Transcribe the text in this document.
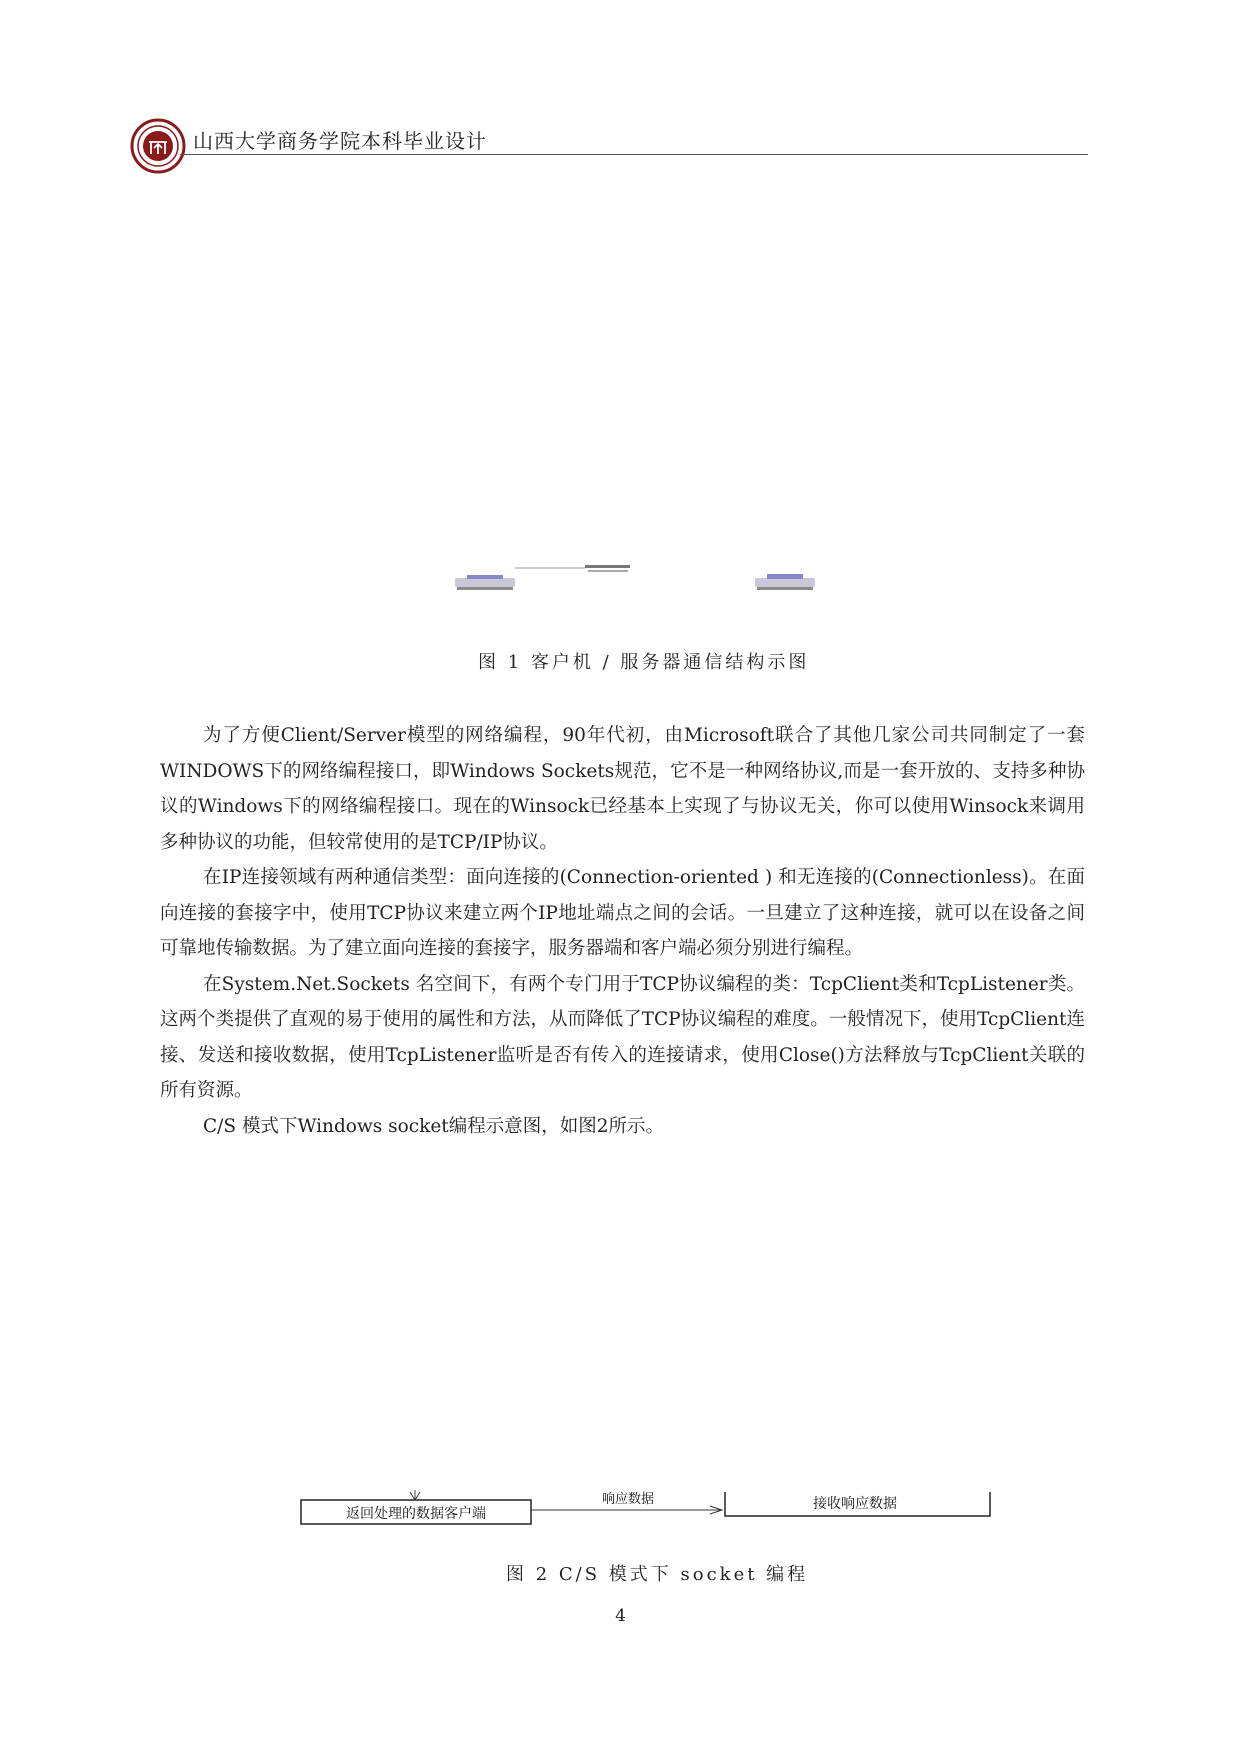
山西大学商务学院本科毕业设计
图 1 客户机 / 服务器通信结构示图

为了方便Client/Server模型的网络编程，90年代初，由Microsoft联合了其他几家公司共同制定了一套WINDOWS下的网络编程接口，即Windows Sockets规范，它不是一种网络协议,而是一套开放的、支持多种协议的Windows下的网络编程接口。现在的Winsock已经基本上实现了与协议无关，你可以使用Winsock来调用多种协议的功能，但较常使用的是TCP/IP协议。

在IP连接领域有两种通信类型：面向连接的(Connection-oriented ) 和无连接的(Connectionless)。在面向连接的套接字中，使用TCP协议来建立两个IP地址端点之间的会话。一旦建立了这种连接，就可以在设备之间可靠地传输数据。为了建立面向连接的套接字，服务器端和客户端必须分别进行编程。

在System.Net.Sockets 名空间下，有两个专门用于TCP协议编程的类：TcpClient类和TcpListener类。这两个类提供了直观的易于使用的属性和方法，从而降低了TCP协议编程的难度。一般情况下，使用TcpClient连接、发送和接收数据，使用TcpListener监听是否有传入的连接请求，使用Close()方法释放与TcpClient关联的所有资源。

C/S 模式下Windows socket编程示意图，如图2所示。

返回处理的数据客户端
响应数据	接收响应数据
图 2 C/S 模式下 socket 编程
4
